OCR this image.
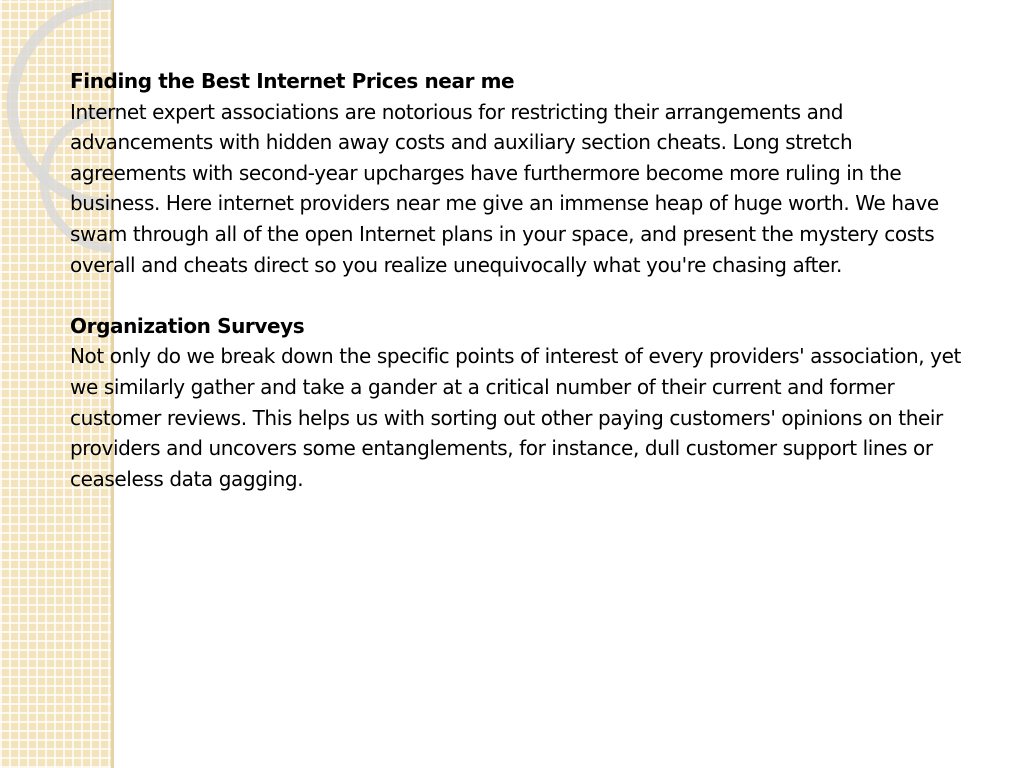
Finding the Best Internet Prices near me

Internet expert associations are notorious for restricting their arrangements and advancements with hidden away costs and auxiliary section cheats. Long stretch agreements with second-year upcharges have furthermore become more ruling in the business. Here internet providers near me give an immense heap of huge worth. We have swam through all of the open Internet plans in your space, and present the mystery costs overall and cheats direct so you realize unequivocally what you're chasing after.

Organization Surveys

Not only do we break down the specific points of interest of every providers' association, yet we similarly gather and take a gander at a critical number of their current and former customer reviews. This helps us with sorting out other paying customers' opinions on their providers and uncovers some entanglements, for instance, dull customer support lines or ceaseless data gagging.
